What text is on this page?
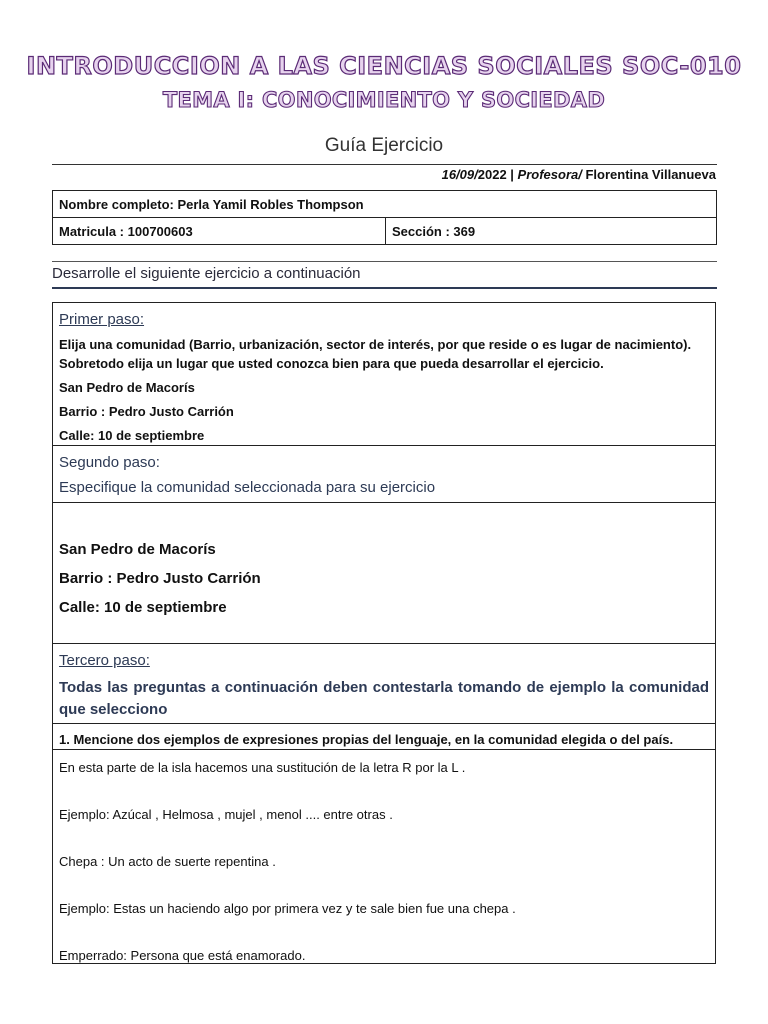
INTRODUCCION A LAS CIENCIAS SOCIALES SOC-010
TEMA I: CONOCIMIENTO Y SOCIEDAD
Guía Ejercicio
16/09/2022 | Profesora/ Florentina Villanueva
Nombre completo: Perla Yamil Robles Thompson
Matricula : 100700603	Sección : 369
Desarrolle el siguiente ejercicio a continuación
Primer paso:
Elija una comunidad (Barrio, urbanización, sector de interés, por que reside o es lugar de nacimiento).
Sobretodo elija un lugar que usted conozca bien para que pueda desarrollar el ejercicio.
San Pedro de Macorís
Barrio : Pedro Justo Carrión
Calle: 10 de septiembre
Segundo paso:
Especifique la comunidad seleccionada para su ejercicio
San Pedro de Macorís
Barrio : Pedro Justo Carrión
Calle: 10 de septiembre
Tercero paso:
Todas las preguntas a continuación deben contestarla tomando de ejemplo la comunidad que selecciono
1. Mencione dos ejemplos de expresiones propias del lenguaje, en la comunidad elegida o del país.
En esta parte de la isla hacemos una sustitución de la letra R por la L .
Ejemplo: Azúcal , Helmosa , mujel , menol .... entre otras .
Chepa : Un acto de suerte repentina .
Ejemplo: Estas un haciendo algo por primera vez y te sale bien fue una chepa .
Emperrado: Persona que está enamorado.
